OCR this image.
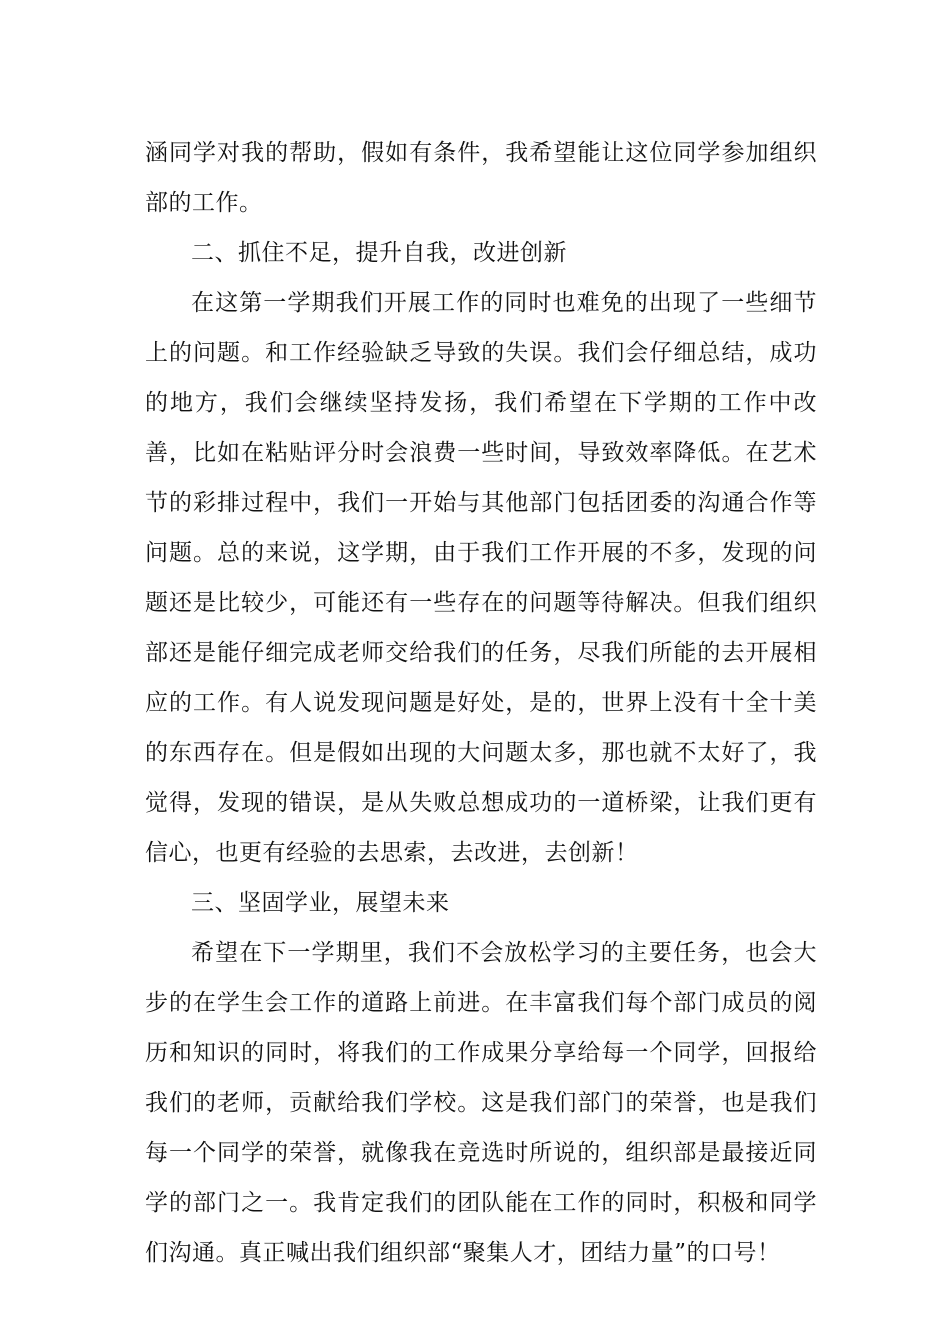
涵同学对我的帮助，假如有条件，我希望能让这位同学参加组织部的工作。

二、抓住不足，提升自我，改进创新

在这第一学期我们开展工作的同时也难免的出现了一些细节上的问题。和工作经验缺乏导致的失误。我们会仔细总结，成功的地方，我们会继续坚持发扬，我们希望在下学期的工作中改善，比如在粘贴评分时会浪费一些时间，导致效率降低。在艺术节的彩排过程中，我们一开始与其他部门包括团委的沟通合作等问题。总的来说，这学期，由于我们工作开展的不多，发现的问题还是比较少，可能还有一些存在的问题等待解决。但我们组织部还是能仔细完成老师交给我们的任务，尽我们所能的去开展相应的工作。有人说发现问题是好处，是的，世界上没有十全十美的东西存在。但是假如出现的大问题太多，那也就不太好了，我觉得，发现的错误，是从失败总想成功的一道桥梁，让我们更有信心，也更有经验的去思索，去改进，去创新！

三、坚固学业，展望未来

希望在下一学期里，我们不会放松学习的主要任务，也会大步的在学生会工作的道路上前进。在丰富我们每个部门成员的阅历和知识的同时，将我们的工作成果分享给每一个同学，回报给我们的老师，贡献给我们学校。这是我们部门的荣誉，也是我们每一个同学的荣誉，就像我在竞选时所说的，组织部是最接近同学的部门之一。我肯定我们的团队能在工作的同时，积极和同学们沟通。真正喊出我们组织部“聚集人才，团结力量”的口号！
